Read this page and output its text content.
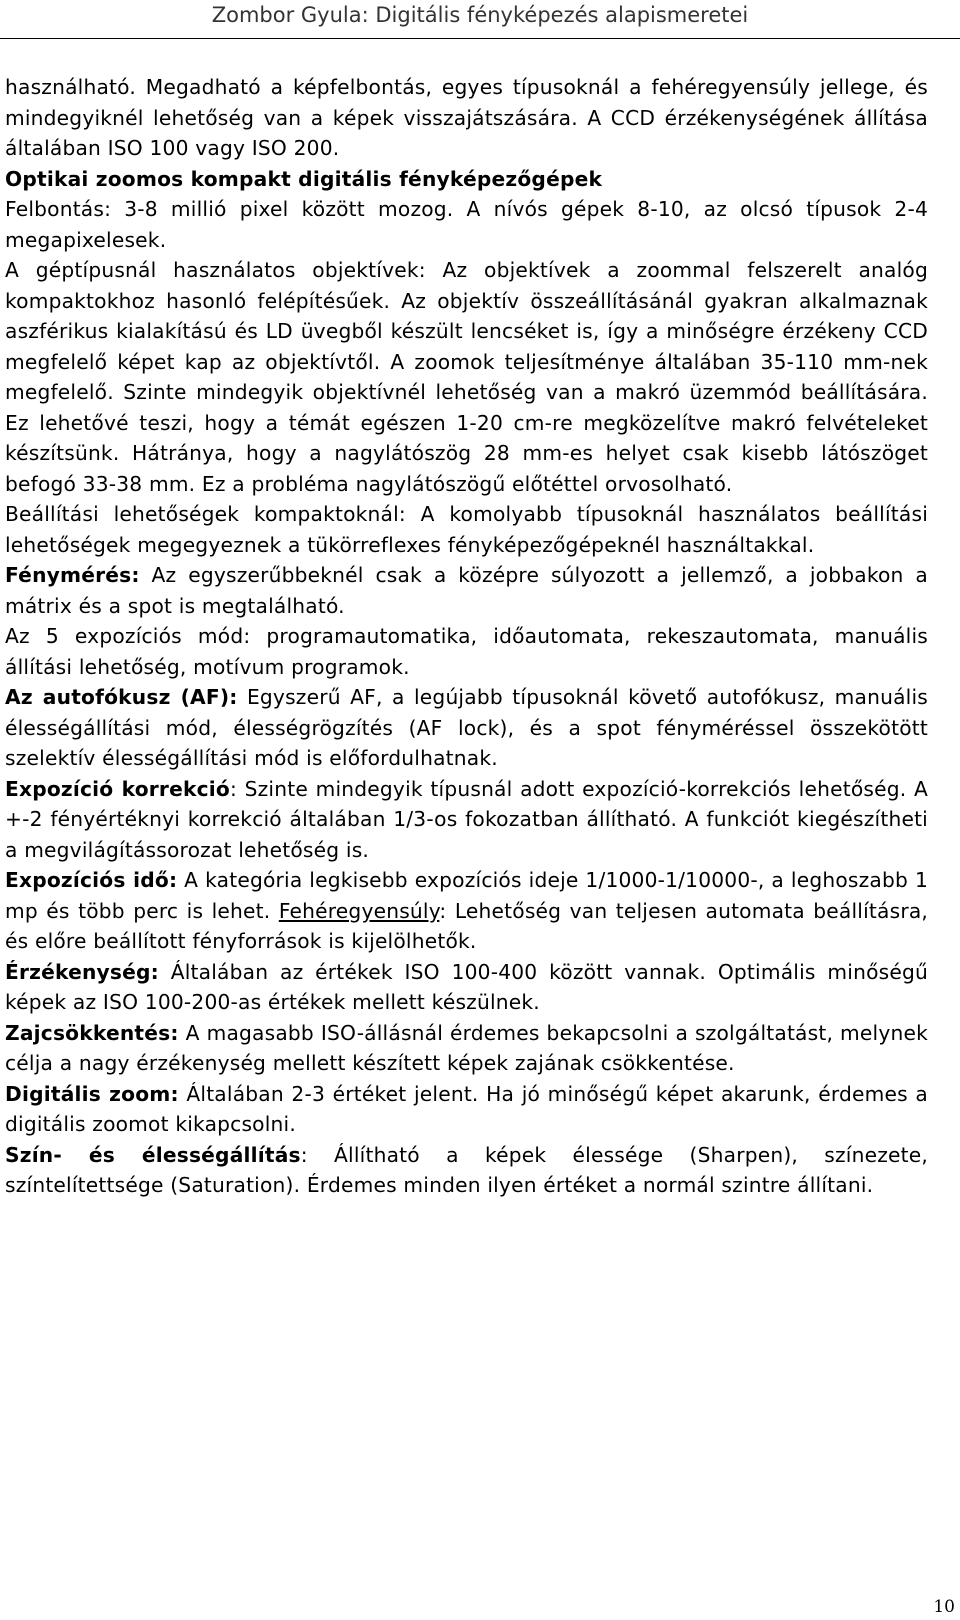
Zombor Gyula: Digitális fényképezés alapismeretei

használható. Megadható a képfelbontás, egyes típusoknál a fehéregyensúly jellege, és mindegyiknél lehetőség van a képek visszajátszására. A CCD érzékenységének állítása általában ISO 100 vagy ISO 200.

Optikai zoomos kompakt digitális fényképezőgépek

Felbontás: 3-8 millió pixel között mozog. A nívós gépek 8-10, az olcsó típusok 2-4 megapixelesek.

A géptípusnál használatos objektívek: Az objektívek a zoommal felszerelt analóg kompaktokhoz hasonló felépítésűek. Az objektív összeállításánál gyakran alkalmaznak aszférikus kialakítású és LD üvegből készült lencséket is, így a minőségre érzékeny CCD megfelelő képet kap az objektívtől. A zoomok teljesítménye általában 35-110 mm-nek megfelelő. Szinte mindegyik objektívnél lehetőség van a makró üzemmód beállítására. Ez lehetővé teszi, hogy a témát egészen 1-20 cm-re megközelítve makró felvételeket készítsünk. Hátránya, hogy a nagylátószög 28 mm-es helyet csak kisebb látószöget befogó 33-38 mm. Ez a probléma nagylátószögű előtéttel orvosolható.

Beállítási lehetőségek kompaktoknál: A komolyabb típusoknál használatos beállítási lehetőségek megegyeznek a tükörreflexes fényképezőgépeknél használtakkal.

Fénymérés: Az egyszerűbbeknél csak a középre súlyozott a jellemző, a jobbakon a mátrix és a spot is megtalálható.

Az 5 expozíciós mód: programautomatika, időautomata, rekeszautomata, manuális állítási lehetőség, motívum programok.

Az autofókusz (AF): Egyszerű AF, a legújabb típusoknál követő autofókusz, manuális élességállítási mód, élességrögzítés (AF lock), és a spot fényméréssel összekötött szelektív élességállítási mód is előfordulhatnak.

Expozíció korrekció: Szinte mindegyik típusnál adott expozíció-korrekciós lehetőség. A +-2 fényértéknyi korrekció általában 1/3-os fokozatban állítható. A funkciót kiegészítheti a megvilágítássorozat lehetőség is.

Expozíciós idő: A kategória legkisebb expozíciós ideje 1/1000-1/10000-, a leghoszabb 1 mp és több perc is lehet. Fehéregyensúly: Lehetőség van teljesen automata beállításra, és előre beállított fényforrások is kijelölhetők.

Érzékenység: Általában az értékek ISO 100-400 között vannak. Optimális minőségű képek az ISO 100-200-as értékek mellett készülnek.

Zajcsökkentés: A magasabb ISO-állásnál érdemes bekapcsolni a szolgáltatást, melynek célja a nagy érzékenység mellett készített képek zajának csökkentése.

Digitális zoom: Általában 2-3 értéket jelent. Ha jó minőségű képet akarunk, érdemes a digitális zoomot kikapcsolni.

Szín- és élességállítás: Állítható a képek élessége (Sharpen), színezete, színtelítettsége (Saturation). Érdemes minden ilyen értéket a normál szintre állítani.

10
